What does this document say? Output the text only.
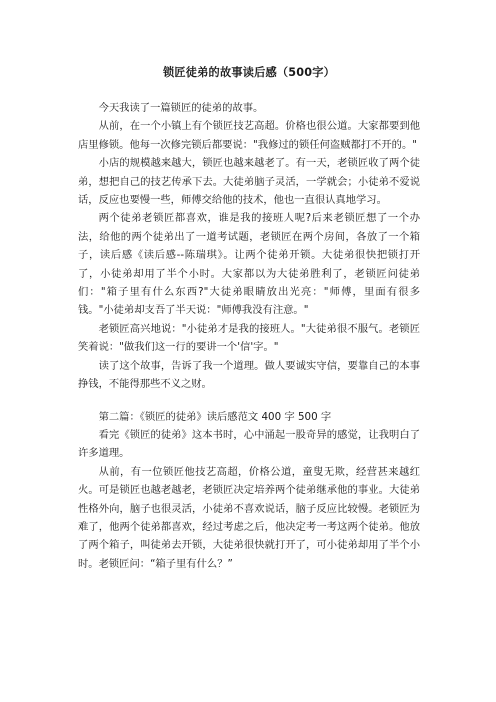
锁匠徒弟的故事读后感（500字）

今天我读了一篇锁匠的徒弟的故事。

从前，在一个小镇上有个锁匠技艺高超。价格也很公道。大家都要到他店里修锁。他每一次修完锁后都要说："我修过的锁任何盗贼都打不开的。"

小店的规模越来越大，锁匠也越来越老了。有一天，老锁匠收了两个徒弟，想把自己的技艺传承下去。大徒弟脑子灵活，一学就会；小徒弟不爱说话，反应也要慢一些，师傅交给他的技术，他也一直很认真地学习。

两个徒弟老锁匠都喜欢，谁是我的接班人呢?后来老锁匠想了一个办法，给他的两个徒弟出了一道考试题，老锁匠在两个房间，各放了一个箱子，读后感《读后感--陈瑞琪》。让两个徒弟开锁。大徒弟很快把锁打开了，小徒弟却用了半个小时。大家都以为大徒弟胜利了，老锁匠问徒弟们："箱子里有什么东西?"大徒弟眼睛放出光亮："师傅，里面有很多钱。"小徒弟却支吾了半天说："师傅我没有注意。"

老锁匠高兴地说："小徒弟才是我的接班人。"大徒弟很不服气。老锁匠笑着说："做我们这一行的要讲一个'信'字。"

读了这个故事，告诉了我一个道理。做人要诚实守信，要靠自己的本事挣钱，不能得那些不义之财。

第二篇：《锁匠的徒弟》读后感范文 400 字 500 字

看完《锁匠的徒弟》这本书时，心中涌起一股奇异的感觉，让我明白了许多道理。

从前，有一位锁匠他技艺高超，价格公道，童叟无欺，经营甚来越红火。可是锁匠也越老越老，老锁匠决定培养两个徒弟继承他的事业。大徒弟性格外向，脑子也很灵活，小徒弟不喜欢说话，脑子反应比较慢。老锁匠为难了，他两个徒弟都喜欢，经过考虑之后，他决定考一考这两个徒弟。他放了两个箱子，叫徒弟去开锁，大徒弟很快就打开了，可小徒弟却用了半个小时。老锁匠问：“箱子里有什么？”
